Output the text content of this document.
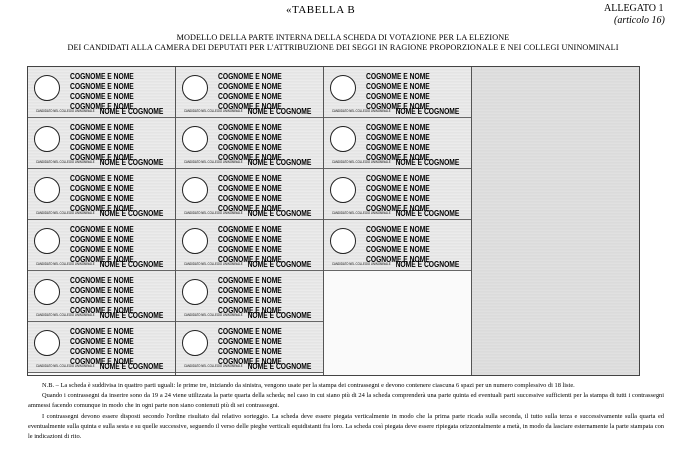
«TABELLA B	ALLEGATO 1
(articolo 16)
MODELLO DELLA PARTE INTERNA DELLA SCHEDA DI VOTAZIONE PER LA ELEZIONE
DEI CANDIDATI ALLA CAMERA DEI DEPUTATI PER L'ATTRIBUZIONE DEI SEGGI IN RAGIONE PROPORZIONALE E NEI COLLEGI UNINOMINALI
COGNOME E NOME
COGNOME E NOME
COGNOME E NOME
COGNOME E NOME
CANDIDATO NEL COLLEGIO UNINOMINALE NOME E COGNOME
COGNOME E NOME
COGNOME E NOME
COGNOME E NOME
COGNOME E NOME
CANDIDATO NEL COLLEGIO UNINOMINALE NOME E COGNOME
COGNOME E NOME
COGNOME E NOME
COGNOME E NOME
COGNOME E NOME
CANDIDATO NEL COLLEGIO UNINOMINALE NOME E COGNOME
COGNOME E NOME
COGNOME E NOME
COGNOME E NOME
COGNOME E NOME
CANDIDATO NEL COLLEGIO UNINOMINALE NOME E COGNOME
COGNOME E NOME
COGNOME E NOME
COGNOME E NOME
COGNOME E NOME
CANDIDATO NEL COLLEGIO UNINOMINALE NOME E COGNOME
COGNOME E NOME
COGNOME E NOME
COGNOME E NOME
COGNOME E NOME
CANDIDATO NEL COLLEGIO UNINOMINALE NOME E COGNOME
COGNOME E NOME
COGNOME E NOME
COGNOME E NOME
COGNOME E NOME
CANDIDATO NEL COLLEGIO UNINOMINALE NOME E COGNOME
COGNOME E NOME
COGNOME E NOME
COGNOME E NOME
COGNOME E NOME
CANDIDATO NEL COLLEGIO UNINOMINALE NOME E COGNOME
COGNOME E NOME
COGNOME E NOME
COGNOME E NOME
COGNOME E NOME
CANDIDATO NEL COLLEGIO UNINOMINALE NOME E COGNOME
COGNOME E NOME
COGNOME E NOME
COGNOME E NOME
COGNOME E NOME
CANDIDATO NEL COLLEGIO UNINOMINALE NOME E COGNOME
COGNOME E NOME
COGNOME E NOME
COGNOME E NOME
COGNOME E NOME
CANDIDATO NEL COLLEGIO UNINOMINALE NOME E COGNOME
COGNOME E NOME
COGNOME E NOME
COGNOME E NOME
COGNOME E NOME
CANDIDATO NEL COLLEGIO UNINOMINALE NOME E COGNOME
COGNOME E NOME
COGNOME E NOME
COGNOME E NOME
COGNOME E NOME
CANDIDATO NEL COLLEGIO UNINOMINALE NOME E COGNOME
COGNOME E NOME
COGNOME E NOME
COGNOME E NOME
COGNOME E NOME
CANDIDATO NEL COLLEGIO UNINOMINALE NOME E COGNOME
COGNOME E NOME
COGNOME E NOME
COGNOME E NOME
COGNOME E NOME
CANDIDATO NEL COLLEGIO UNINOMINALE NOME E COGNOME
COGNOME E NOME
COGNOME E NOME
COGNOME E NOME
COGNOME E NOME
CANDIDATO NEL COLLEGIO UNINOMINALE NOME E COGNOME

N.B. – La scheda è suddivisa in quattro parti uguali: le prime tre, iniziando da sinistra, vengono usate per la stampa dei contrassegni e devono contenere ciascuna 6 spazi per un numero complessivo di 18 liste.

Quando i contrassegni da inserire sono da 19 a 24 viene utilizzata la parte quarta della scheda; nel caso in cui siano più di 24 la scheda comprenderà una parte quinta ed eventuali parti successive sufficienti per la stampa di tutti i contrassegni ammessi facendo comunque in modo che in ogni parte non siano contenuti più di sei contrassegni.

I contrassegni devono essere disposti secondo l'ordine risultato dal relativo sorteggio. La scheda deve essere piegata verticalmente in modo che la prima parte ricada sulla seconda, il tutto sulla terza e successivamente sulla quarta ed eventualmente sulla quinta e sulla sesta e su quelle successive, seguendo il verso delle pieghe verticali equidistanti fra loro. La scheda così piegata deve essere ripiegata orizzontalmente a metà, in modo da lasciare esternamente la parte stampata con le indicazioni di rito.
